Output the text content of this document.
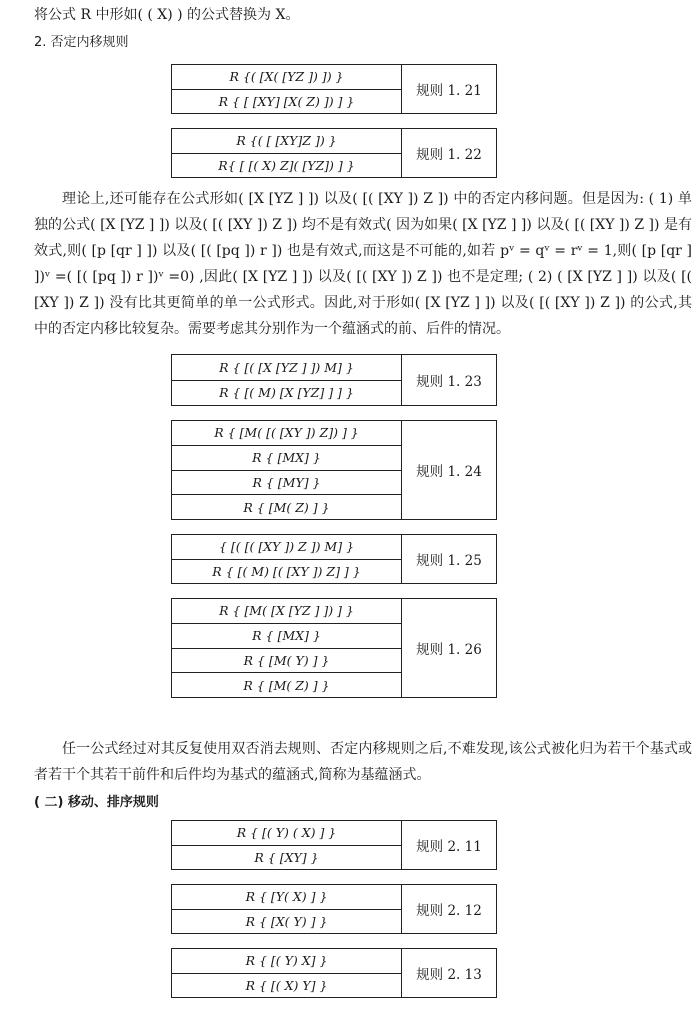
将公式 R 中形如( ( X) ) 的公式替换为 X。

2. 否定内移规则

R {( [X( [YZ ]) ]) }
R { [ [XY] [X( Z) ]) ] }
规则 1. 21
R {( [ [XY]Z ]) }
R{ [ [( X) Z]( [YZ]) ] }
规则 1. 22

理论上,还可能存在公式形如( [X [YZ ] ]) 以及( [( [XY ]) Z ]) 中的否定内移问题。但是因为: ( 1) 单独的公式( [X [YZ ] ]) 以及( [( [XY ]) Z ]) 均不是有效式( 因为如果( [X [YZ ] ]) 以及( [( [XY ]) Z ]) 是有效式,则( [p [qr ] ]) 以及( [( [pq ]) r ]) 也是有效式,而这是不可能的,如若 pᵛ = qᵛ = rᵛ = 1,则( [p [qr ] ])ᵛ =( [( [pq ]) r ])ᵛ =0) ,因此( [X [YZ ] ]) 以及( [( [XY ]) Z ]) 也不是定理; ( 2) ( [X [YZ ] ]) 以及( [( [XY ]) Z ]) 没有比其更简单的单一公式形式。因此,对于形如( [X [YZ ] ]) 以及( [( [XY ]) Z ]) 的公式,其中的否定内移比较复杂。需要考虑其分别作为一个蕴涵式的前、后件的情况。

R { [( [X [YZ ] ]) M] }
R { [( M) [X [YZ] ] ] }
规则 1. 23
R { [M( [( [XY ]) Z]) ] }
R { [MX] }
R { [MY] }
R { [M( Z) ] }
规则 1. 24
{ [( [( [XY ]) Z ]) M] }
R { [( M) [( [XY ]) Z] ] }
规则 1. 25
R { [M( [X [YZ ] ]) ] }
R { [MX] }
R { [M( Y) ] }
R { [M( Z) ] }
规则 1. 26

任一公式经过对其反复使用双否消去规则、否定内移规则之后,不难发现,该公式被化归为若干个基式或者若干个其若干前件和后件均为基式的蕴涵式,简称为基蕴涵式。

( 二) 移动、排序规则

R { [( Y) ( X) ] }
R { [XY] }
规则 2. 11
R { [Y( X) ] }
R { [X( Y) ] }
规则 2. 12
R { [( Y) X] }
R { [( X) Y] }
规则 2. 13
